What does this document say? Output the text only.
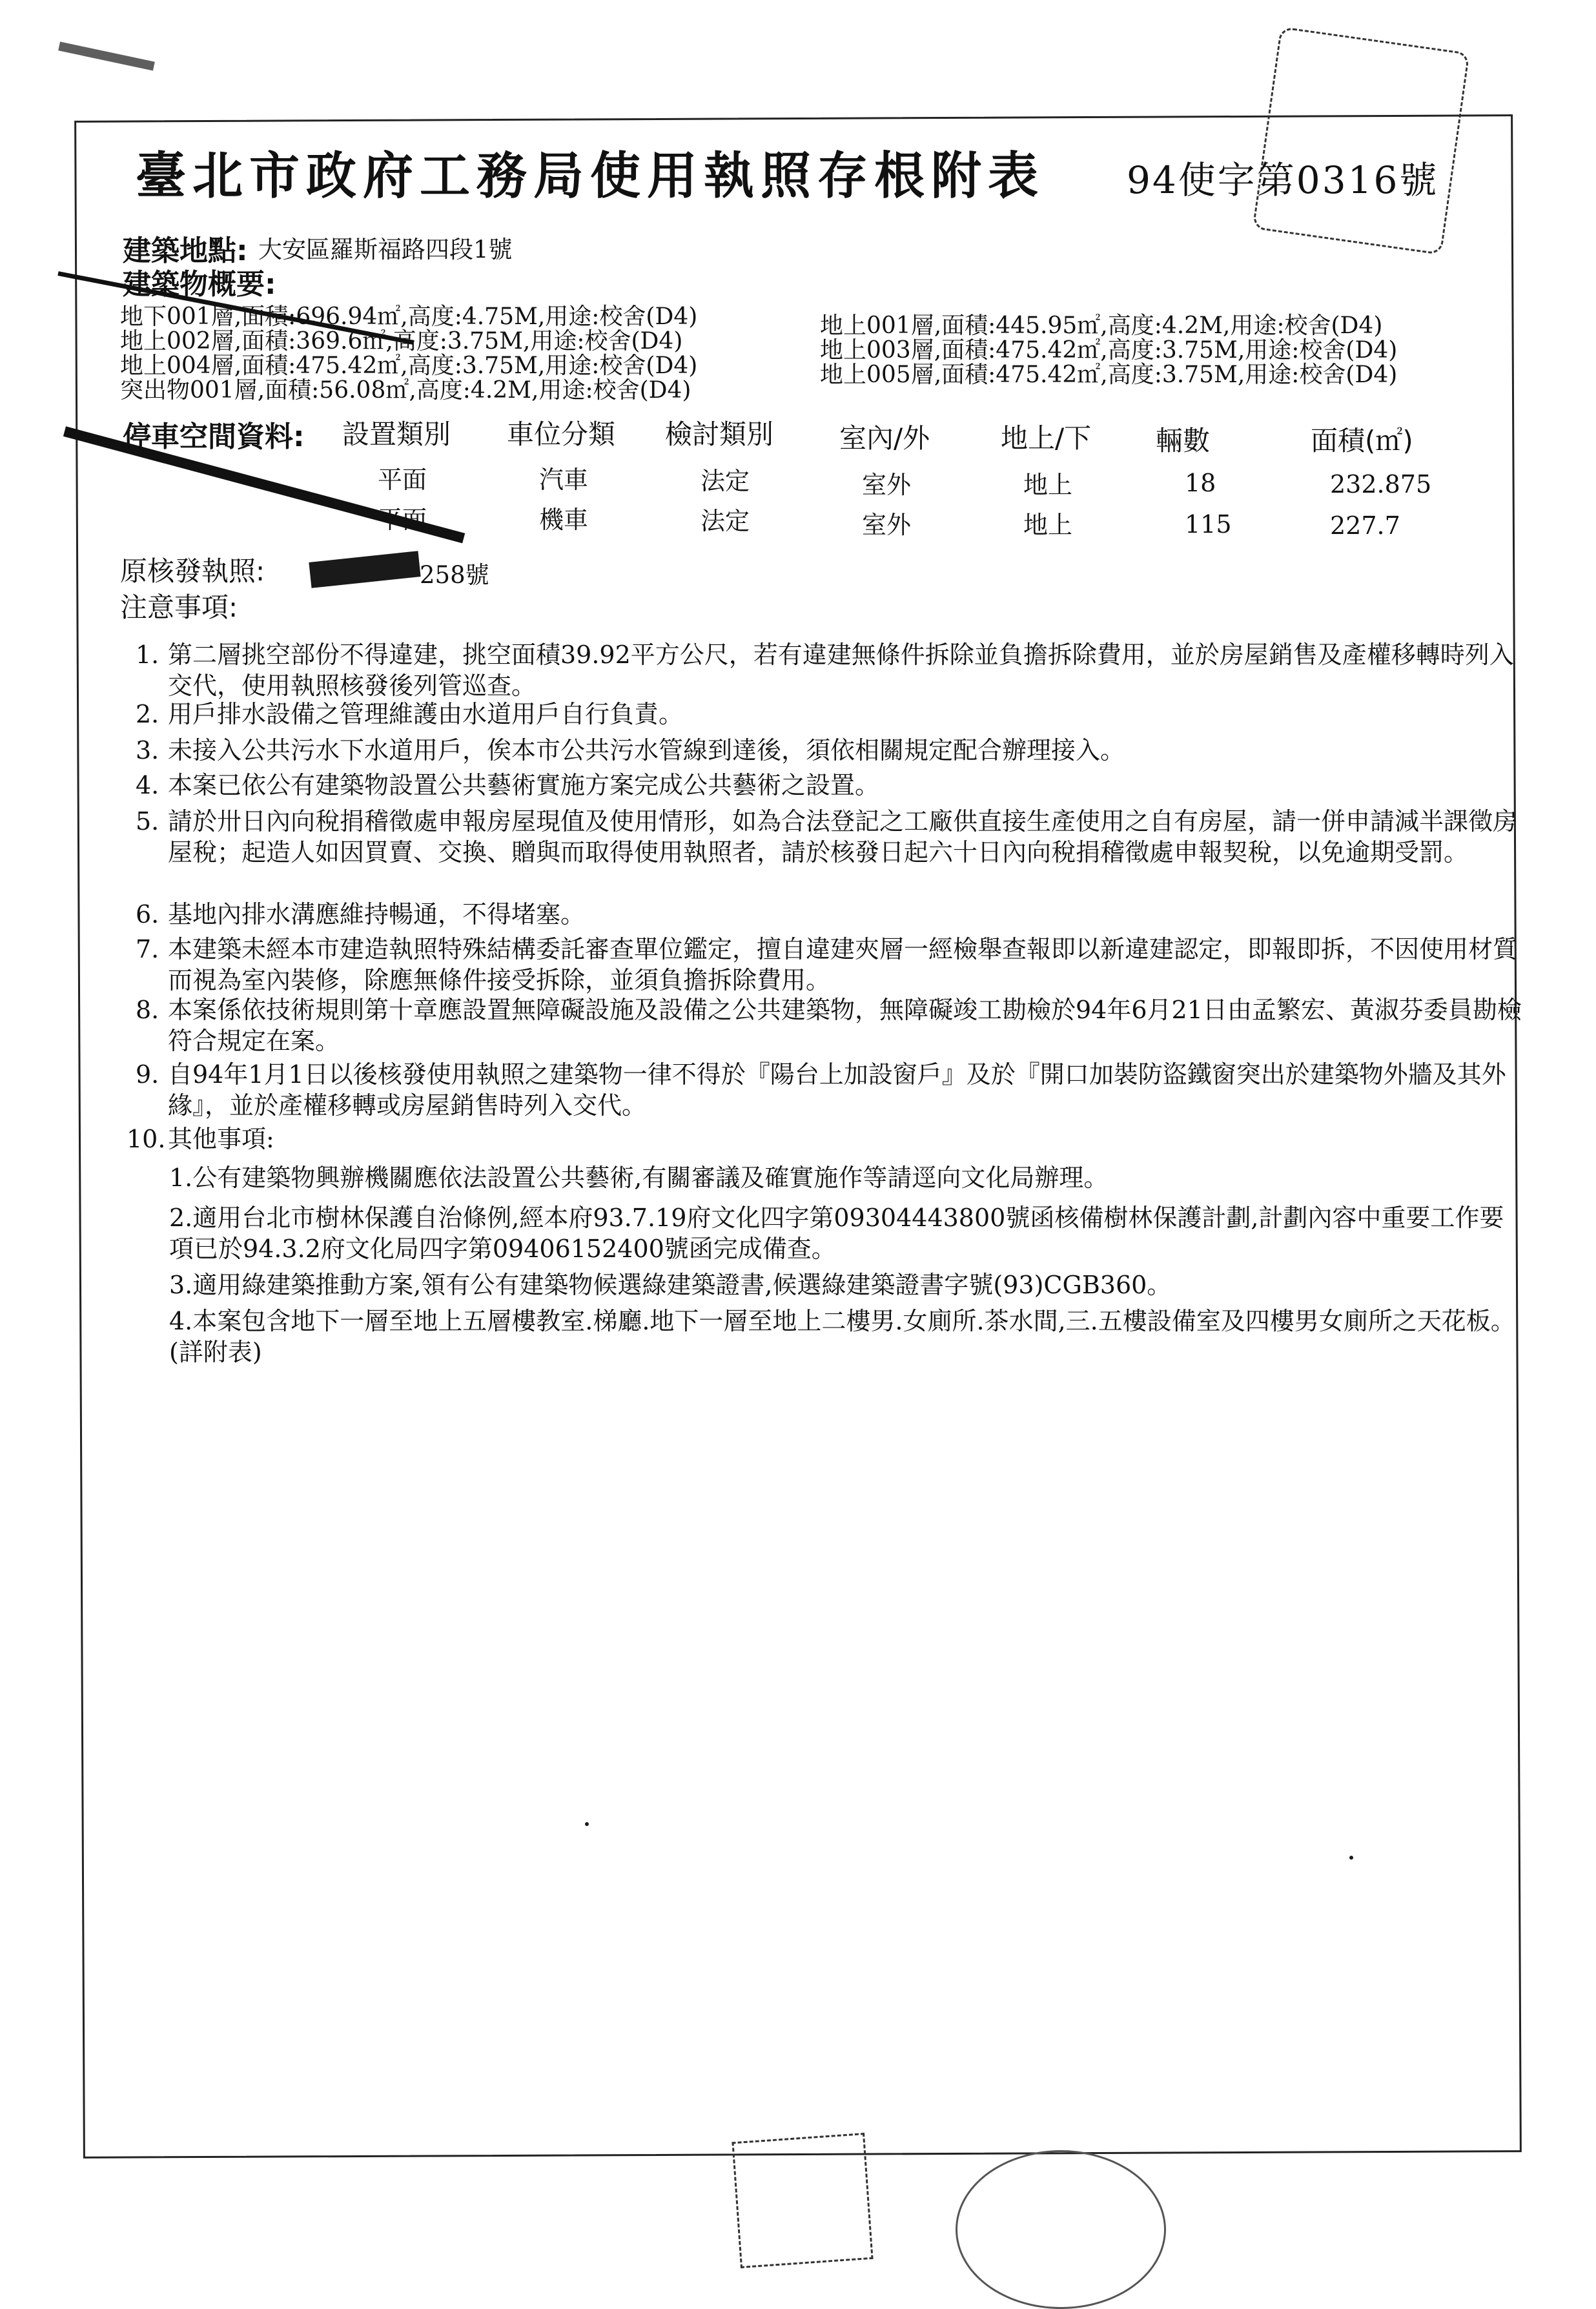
臺北市政府工務局使用執照存根附表 94使字第0316號
建築地點: 大安區羅斯福路四段1號
建築物概要:
地下001層,面積:696.94㎡,高度:4.75M,用途:校舍(D4)
地上002層,面積:369.6㎡,高度:3.75M,用途:校舍(D4)
地上004層,面積:475.42㎡,高度:3.75M,用途:校舍(D4)
突出物001層,面積:56.08㎡,高度:4.2M,用途:校舍(D4)
地上001層,面積:445.95㎡,高度:4.2M,用途:校舍(D4)
地上003層,面積:475.42㎡,高度:3.75M,用途:校舍(D4)
地上005層,面積:475.42㎡,高度:3.75M,用途:校舍(D4)
停車空間資料: 設置類別 車位分類 檢討類別 室內/外	地上/下 輛數	面積(㎡)
平面	汽車	法定	室外	地上	18	232.875
平面	機車	法定	室外	地上	115	227.7
原核發執照:	258號
注意事項:
1. 第二層挑空部份不得違建，挑空面積39.92平方公尺，若有違建無條件拆除並負擔拆除費用，並於房屋銷售及產權移轉時列入交代，使用執照核發後列管巡查。
2. 用戶排水設備之管理維護由水道用戶自行負責。
3. 未接入公共污水下水道用戶，俟本市公共污水管線到達後，須依相關規定配合辦理接入。
4. 本案已依公有建築物設置公共藝術實施方案完成公共藝術之設置。
5. 請於卅日內向稅捐稽徵處申報房屋現值及使用情形，如為合法登記之工廠供直接生產使用之自有房屋，請一併申請減半課徵房屋稅；起造人如因買賣、交換、贈與而取得使用執照者，請於核發日起六十日內向稅捐稽徵處申報契稅，以免逾期受罰。
6. 基地內排水溝應維持暢通，不得堵塞。
7. 本建築未經本市建造執照特殊結構委託審查單位鑑定，擅自違建夾層一經檢舉查報即以新違建認定，即報即拆，不因使用材質而視為室內裝修，除應無條件接受拆除，並須負擔拆除費用。
8. 本案係依技術規則第十章應設置無障礙設施及設備之公共建築物，無障礙竣工勘檢於94年6月21日由孟繁宏、黃淑芬委員勘檢符合規定在案。
9. 自94年1月1日以後核發使用執照之建築物一律不得於『陽台上加設窗戶』及於『開口加裝防盜鐵窗突出於建築物外牆及其外緣』，並於產權移轉或房屋銷售時列入交代。
10. 其他事項:
1.公有建築物興辦機關應依法設置公共藝術,有關審議及確實施作等請逕向文化局辦理。
2.適用台北市樹林保護自治條例,經本府93.7.19府文化四字第09304443800號函核備樹林保護計劃,計劃內容中重要工作要項已於94.3.2府文化局四字第09406152400號函完成備查。
3.適用綠建築推動方案,領有公有建築物候選綠建築證書,候選綠建築證書字號(93)CGB360。
4.本案包含地下一層至地上五層樓教室.梯廳.地下一層至地上二樓男.女廁所.茶水間,三.五樓設備室及四樓男女廁所之天花板。(詳附表)
